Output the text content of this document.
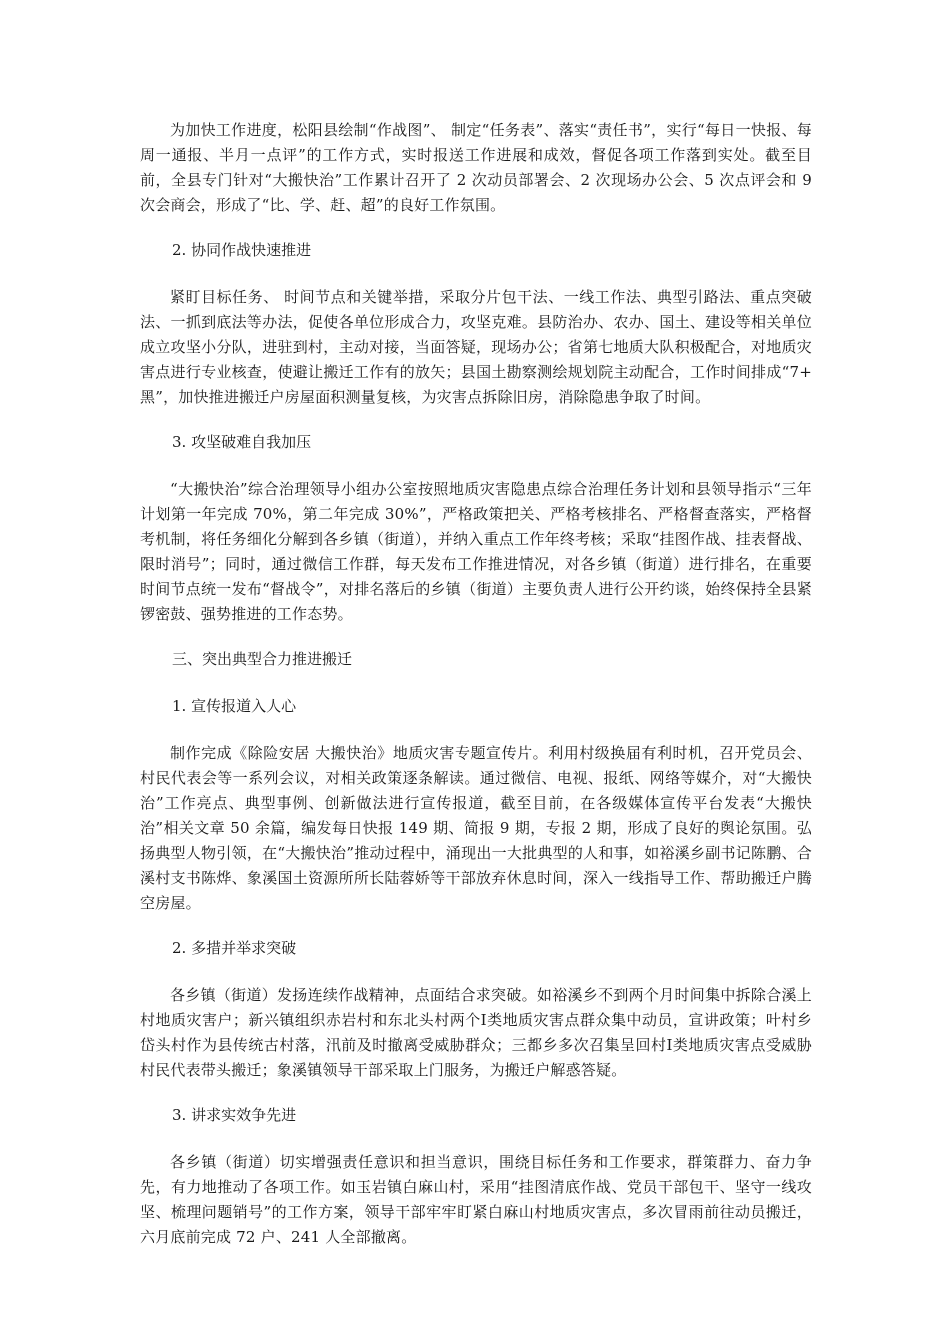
为加快工作进度，松阳县绘制“作战图”、 制定“任务表”、落实“责任书”，实行“每日一快报、每周一通报、半月一点评”的工作方式，实时报送工作进展和成效，督促各项工作落到实处。截至目前，全县专门针对“大搬快治”工作累计召开了 2 次动员部署会、2 次现场办公会、5 次点评会和 9 次会商会，形成了“比、学、赶、超”的良好工作氛围。

2. 协同作战快速推进

紧盯目标任务、 时间节点和关键举措，采取分片包干法、一线工作法、典型引路法、重点突破法、一抓到底法等办法，促使各单位形成合力，攻坚克难。县防治办、农办、国土、建设等相关单位成立攻坚小分队，进驻到村，主动对接，当面答疑，现场办公；省第七地质大队积极配合，对地质灾害点进行专业核查，使避让搬迁工作有的放矢；县国土勘察测绘规划院主动配合，工作时间排成“7+ 黑”，加快推进搬迁户房屋面积测量复核，为灾害点拆除旧房，消除隐患争取了时间。

3. 攻坚破难自我加压

“大搬快治”综合治理领导小组办公室按照地质灾害隐患点综合治理任务计划和县领导指示“三年计划第一年完成 70%，第二年完成 30%”，严格政策把关、严格考核排名、严格督查落实，严格督考机制，将任务细化分解到各乡镇（街道），并纳入重点工作年终考核；采取“挂图作战、挂表督战、限时消号”；同时，通过微信工作群，每天发布工作推进情况，对各乡镇（街道）进行排名，在重要时间节点统一发布“督战令”，对排名落后的乡镇（街道）主要负责人进行公开约谈，始终保持全县紧锣密鼓、强势推进的工作态势。

三、突出典型合力推进搬迁

1. 宣传报道入人心

制作完成《除险安居 大搬快治》地质灾害专题宣传片。利用村级换届有利时机，召开党员会、村民代表会等一系列会议，对相关政策逐条解读。通过微信、电视、报纸、网络等媒介，对“大搬快治”工作亮点、典型事例、创新做法进行宣传报道，截至目前，在各级媒体宣传平台发表“大搬快治”相关文章 50 余篇，编发每日快报 149 期、简报 9 期，专报 2 期，形成了良好的舆论氛围。弘扬典型人物引领，在“大搬快治”推动过程中，涌现出一大批典型的人和事，如裕溪乡副书记陈鹏、合溪村支书陈烨、象溪国土资源所所长陆蓉娇等干部放弃休息时间，深入一线指导工作、帮助搬迁户腾空房屋。

2. 多措并举求突破

各乡镇（街道）发扬连续作战精神，点面结合求突破。如裕溪乡不到两个月时间集中拆除合溪上村地质灾害户；新兴镇组织赤岩村和东北头村两个Ⅰ类地质灾害点群众集中动员，宣讲政策；叶村乡岱头村作为县传统古村落，汛前及时撤离受威胁群众；三都乡多次召集呈回村Ⅰ类地质灾害点受威胁村民代表带头搬迁；象溪镇领导干部采取上门服务，为搬迁户解惑答疑。

3. 讲求实效争先进

各乡镇（街道）切实增强责任意识和担当意识，围绕目标任务和工作要求，群策群力、奋力争先，有力地推动了各项工作。如玉岩镇白麻山村，采用“挂图清底作战、党员干部包干、坚守一线攻坚、梳理问题销号”的工作方案，领导干部牢牢盯紧白麻山村地质灾害点，多次冒雨前往动员搬迁，六月底前完成 72 户、241 人全部撤离。
